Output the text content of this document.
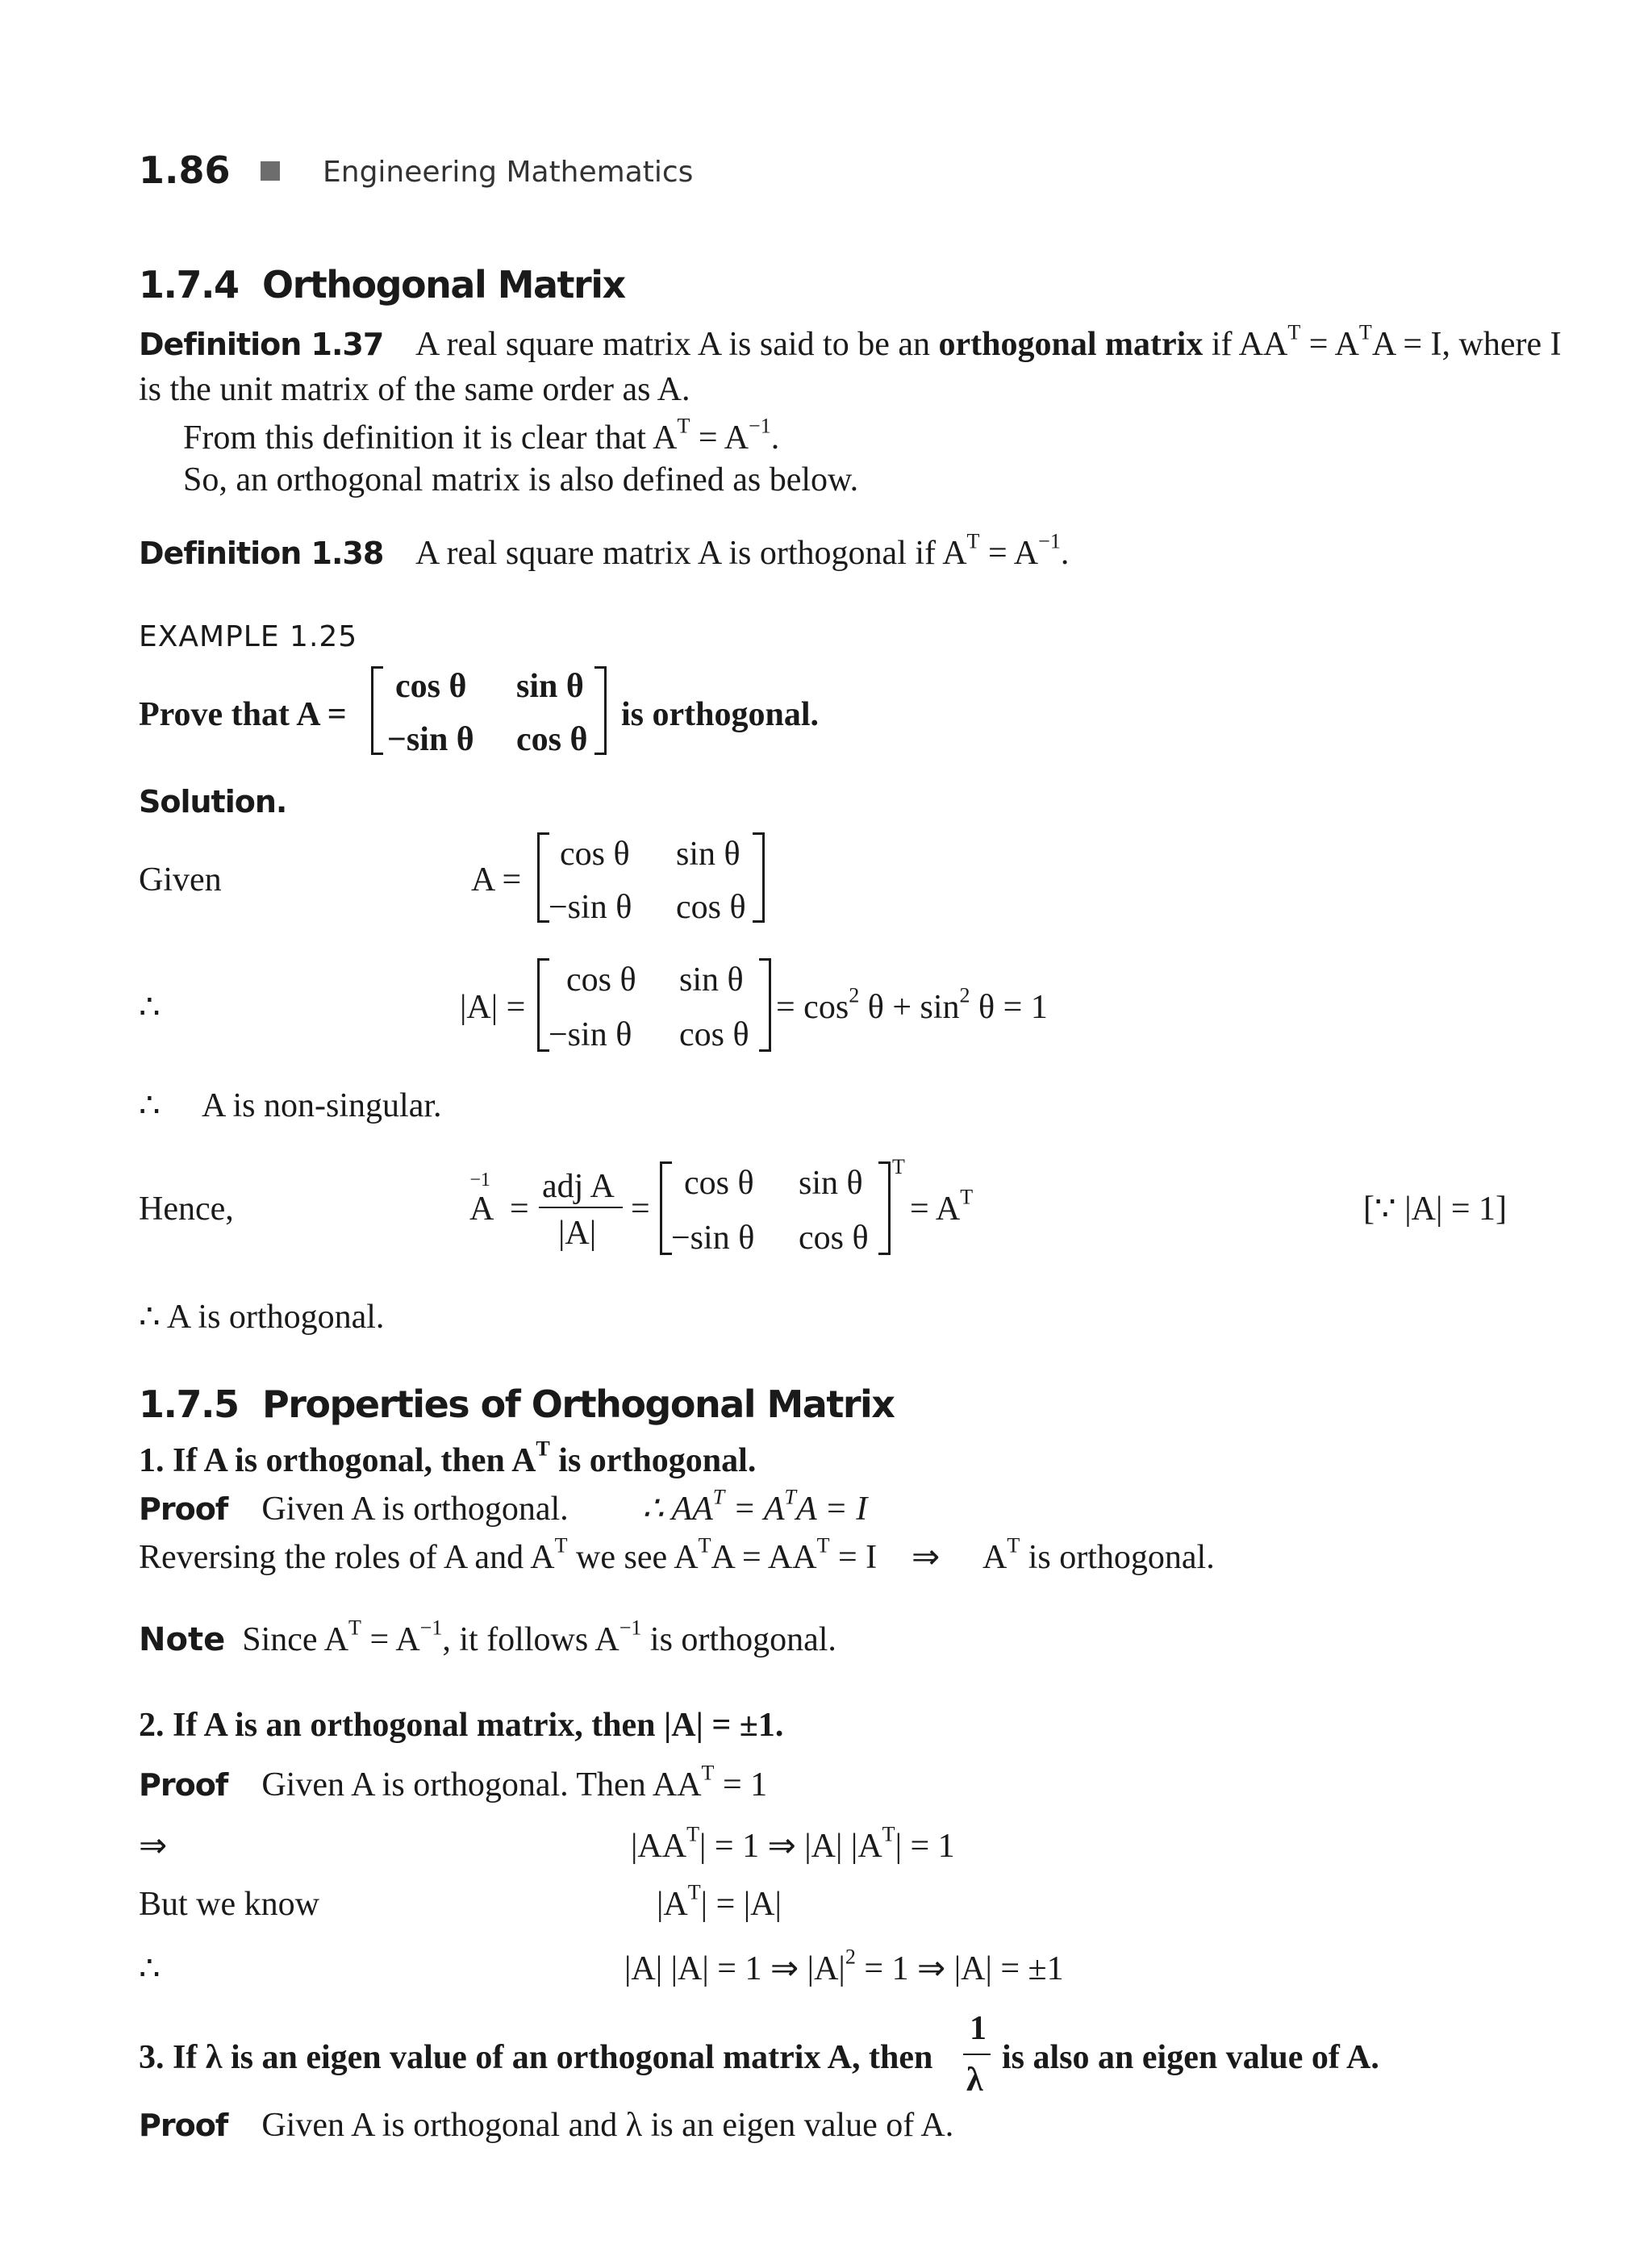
1.86	Engineering Mathematics
1.7.4 Orthogonal Matrix
Definition 1.37 A real square matrix A is said to be an orthogonal matrix if $AA^T = A^TA = I$, where I
is the unit matrix of the same order as A.
From this definition it is clear that $A^T = A^{-1}$.
So, an orthogonal matrix is also defined as below.
Definition 1.38 A real square matrix A is orthogonal if $A^T = A^{-1}$.
EXAMPLE 1.25
Prove that A =
cos θ sin θ
−sin θ cos θ
is orthogonal.
Solution.
Given	A =
cos θ sin θ
−sin θ cos θ
∴	|A| =
cos θ sin θ
−sin θ cos θ
= $\cos^2 \theta + \sin^2 \theta = 1$
∴ A is non-singular.
Hence,	$A^{-1}$
=
adj A
|A|
=
cos θ sin θ
−sin θ cos θ
T
= $A^T$	[∵ |A| = 1]
∴ A is orthogonal.
1.7.5 Properties of Orthogonal Matrix
1. If A is orthogonal, then $A^T$ is orthogonal.
Proof Given A is orthogonal. ∴ $AA^T = A^TA = I$
Reversing the roles of A and $A^T$ we see $A^TA = AA^T = I$ ⇒ $A^T$ is orthogonal.
Note Since $A^T = A^{-1}$, it follows $A^{-1}$ is orthogonal.
2. If A is an orthogonal matrix, then |A| = ±1.
Proof Given A is orthogonal. Then $AA^T = 1$
⇒	$|AA^T| = 1$ ⇒ |A| $|A^T| = 1$
But we know	$|A^T| = |A|$
∴	|A| |A| = 1 ⇒ $|A|^2 = 1$ ⇒ |A| = ±1
3. If λ is an eigen value of an orthogonal matrix A, then
1
λ
is also an eigen value of A.
Proof Given A is orthogonal and λ is an eigen value of A.
